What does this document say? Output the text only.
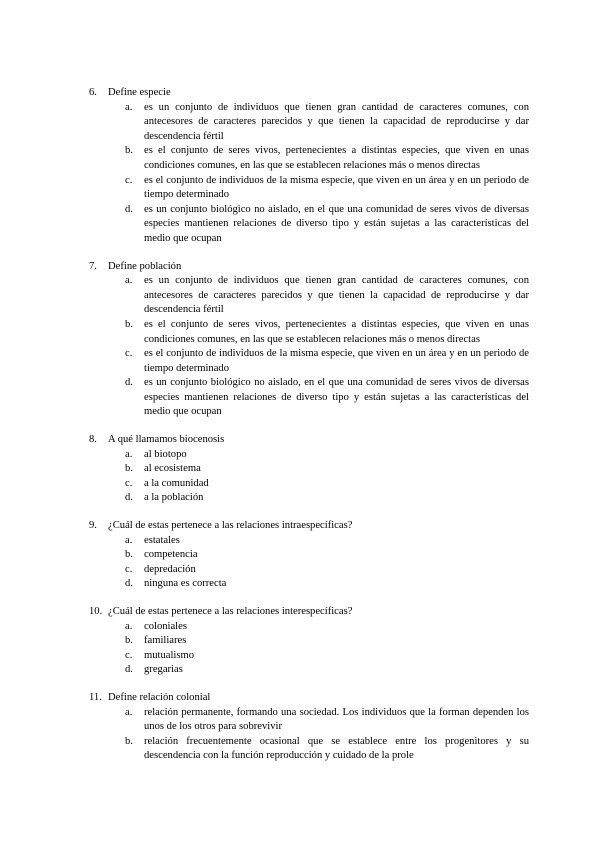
6.	Define especie
a.	es un conjunto de individuos que tienen gran cantidad de caracteres comunes, con antecesores de caracteres parecidos y que tienen la capacidad de reproducirse y dar descendencia fértil
b.	es el conjunto de seres vivos, pertenecientes a distintas especies, que viven en unas condiciones comunes, en las que se establecen relaciones más o menos directas
c.	es el conjunto de individuos de la misma especie, que viven en un área y en un periodo de tiempo determinado
d.	es un conjunto biológico no aislado, en el que una comunidad de seres vivos de diversas especies mantienen relaciones de diverso tipo y están sujetas a las características del medio que ocupan
7.	Define población
a.	es un conjunto de individuos que tienen gran cantidad de caracteres comunes, con antecesores de caracteres parecidos y que tienen la capacidad de reproducirse y dar descendencia fértil
b.	es el conjunto de seres vivos, pertenecientes a distintas especies, que viven en unas condiciones comunes, en las que se establecen relaciones más o menos directas
c.	es el conjunto de individuos de la misma especie, que viven en un área y en un periodo de tiempo determinado
d.	es un conjunto biológico no aislado, en el que una comunidad de seres vivos de diversas especies mantienen relaciones de diverso tipo y están sujetas a las características del medio que ocupan
8.	A qué llamamos biocenosis
a.	al biotopo
b.	al ecosistema
c.	a la comunidad
d.	a la población
9.	¿Cuál de estas pertenece a las relaciones intraespecíficas?
a.	estatales
b.	competencia
c.	depredación
d.	ninguna es correcta
10. ¿Cuál de estas pertenece a las relaciones interespecíficas?
a.	coloniales
b.	familiares
c.	mutualismo
d.	gregarias
11. Define relación colonial
a.	relación permanente, formando una sociedad. Los individuos que la forman dependen los unos de los otros para sobrevivir
b.	relación frecuentemente ocasional que se establece entre los progenitores y su descendencia con la función reproducción y cuidado de la prole
